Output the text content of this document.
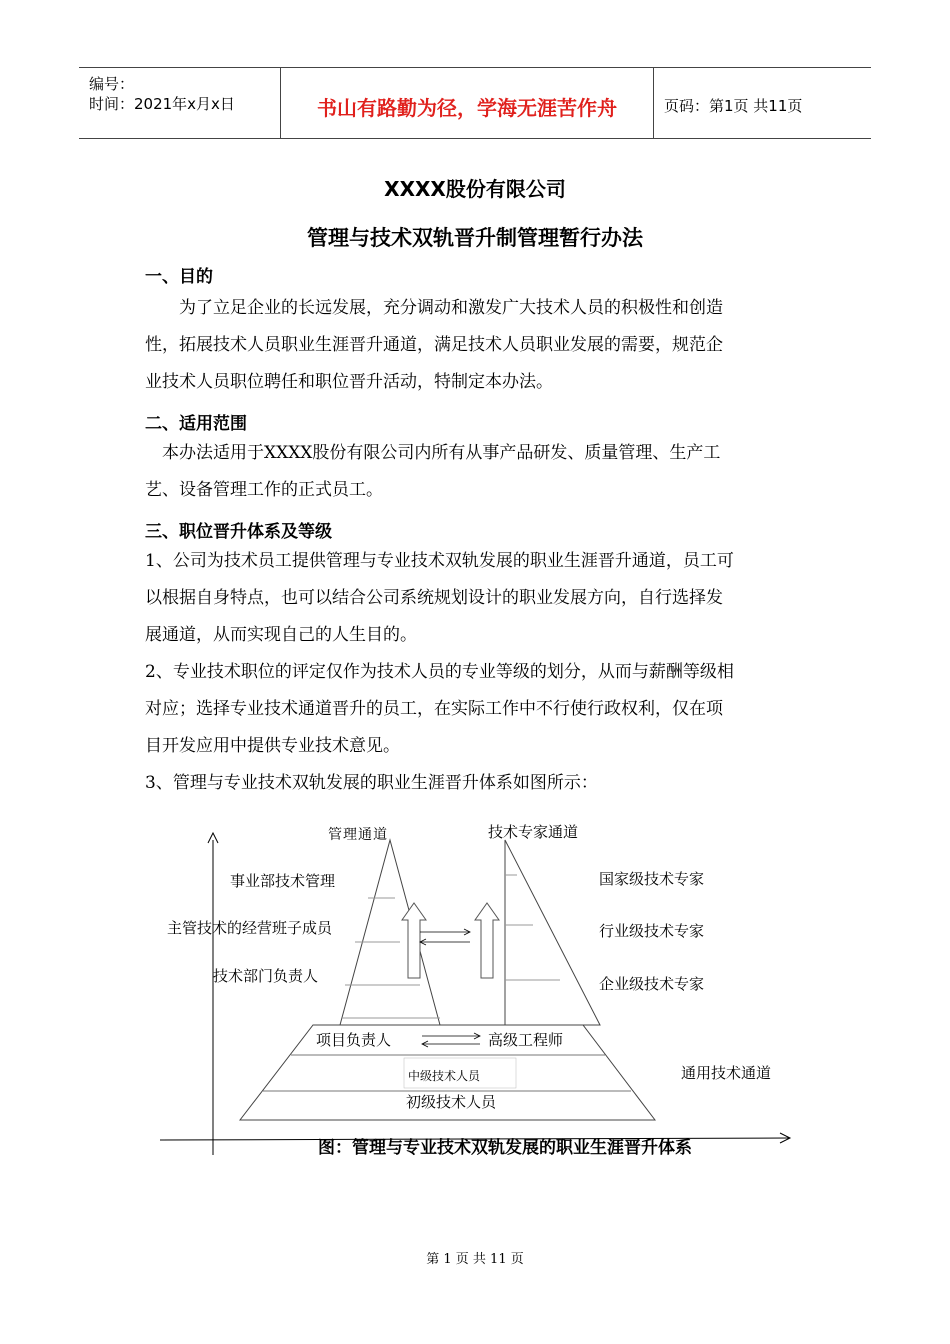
编号：
时间：2021年x月x日	书山有路勤为径，学海无涯苦作舟	页码：第1页 共11页
XXXX股份有限公司
管理与技术双轨晋升制管理暂行办法
一、目的
为了立足企业的长远发展，充分调动和激发广大技术人员的积极性和创造
性，拓展技术人员职业生涯晋升通道，满足技术人员职业发展的需要，规范企
业技术人员职位聘任和职位晋升活动，特制定本办法。
二、适用范围
本办法适用于XXXX股份有限公司内所有从事产品研发、质量管理、生产工
艺、设备管理工作的正式员工。
三、职位晋升体系及等级
1、公司为技术员工提供管理与专业技术双轨发展的职业生涯晋升通道，员工可
以根据自身特点，也可以结合公司系统规划设计的职业发展方向，自行选择发
展通道，从而实现自己的人生目的。
2、专业技术职位的评定仅作为技术人员的专业等级的划分，从而与薪酬等级相
对应；选择专业技术通道晋升的员工，在实际工作中不行使行政权利，仅在项
目开发应用中提供专业技术意见。
3、管理与专业技术双轨发展的职业生涯晋升体系如图所示：
管理通道	技术专家通道
事业部技术管理
主管技术的经营班子成员
技术部门负责人
国家级技术专家
行业级技术专家
企业级技术专家
项目负责人	高级工程师
中级技术人员
初级技术人员
通用技术通道
图：管理与专业技术双轨发展的职业生涯晋升体系
第 1 页 共 11 页
